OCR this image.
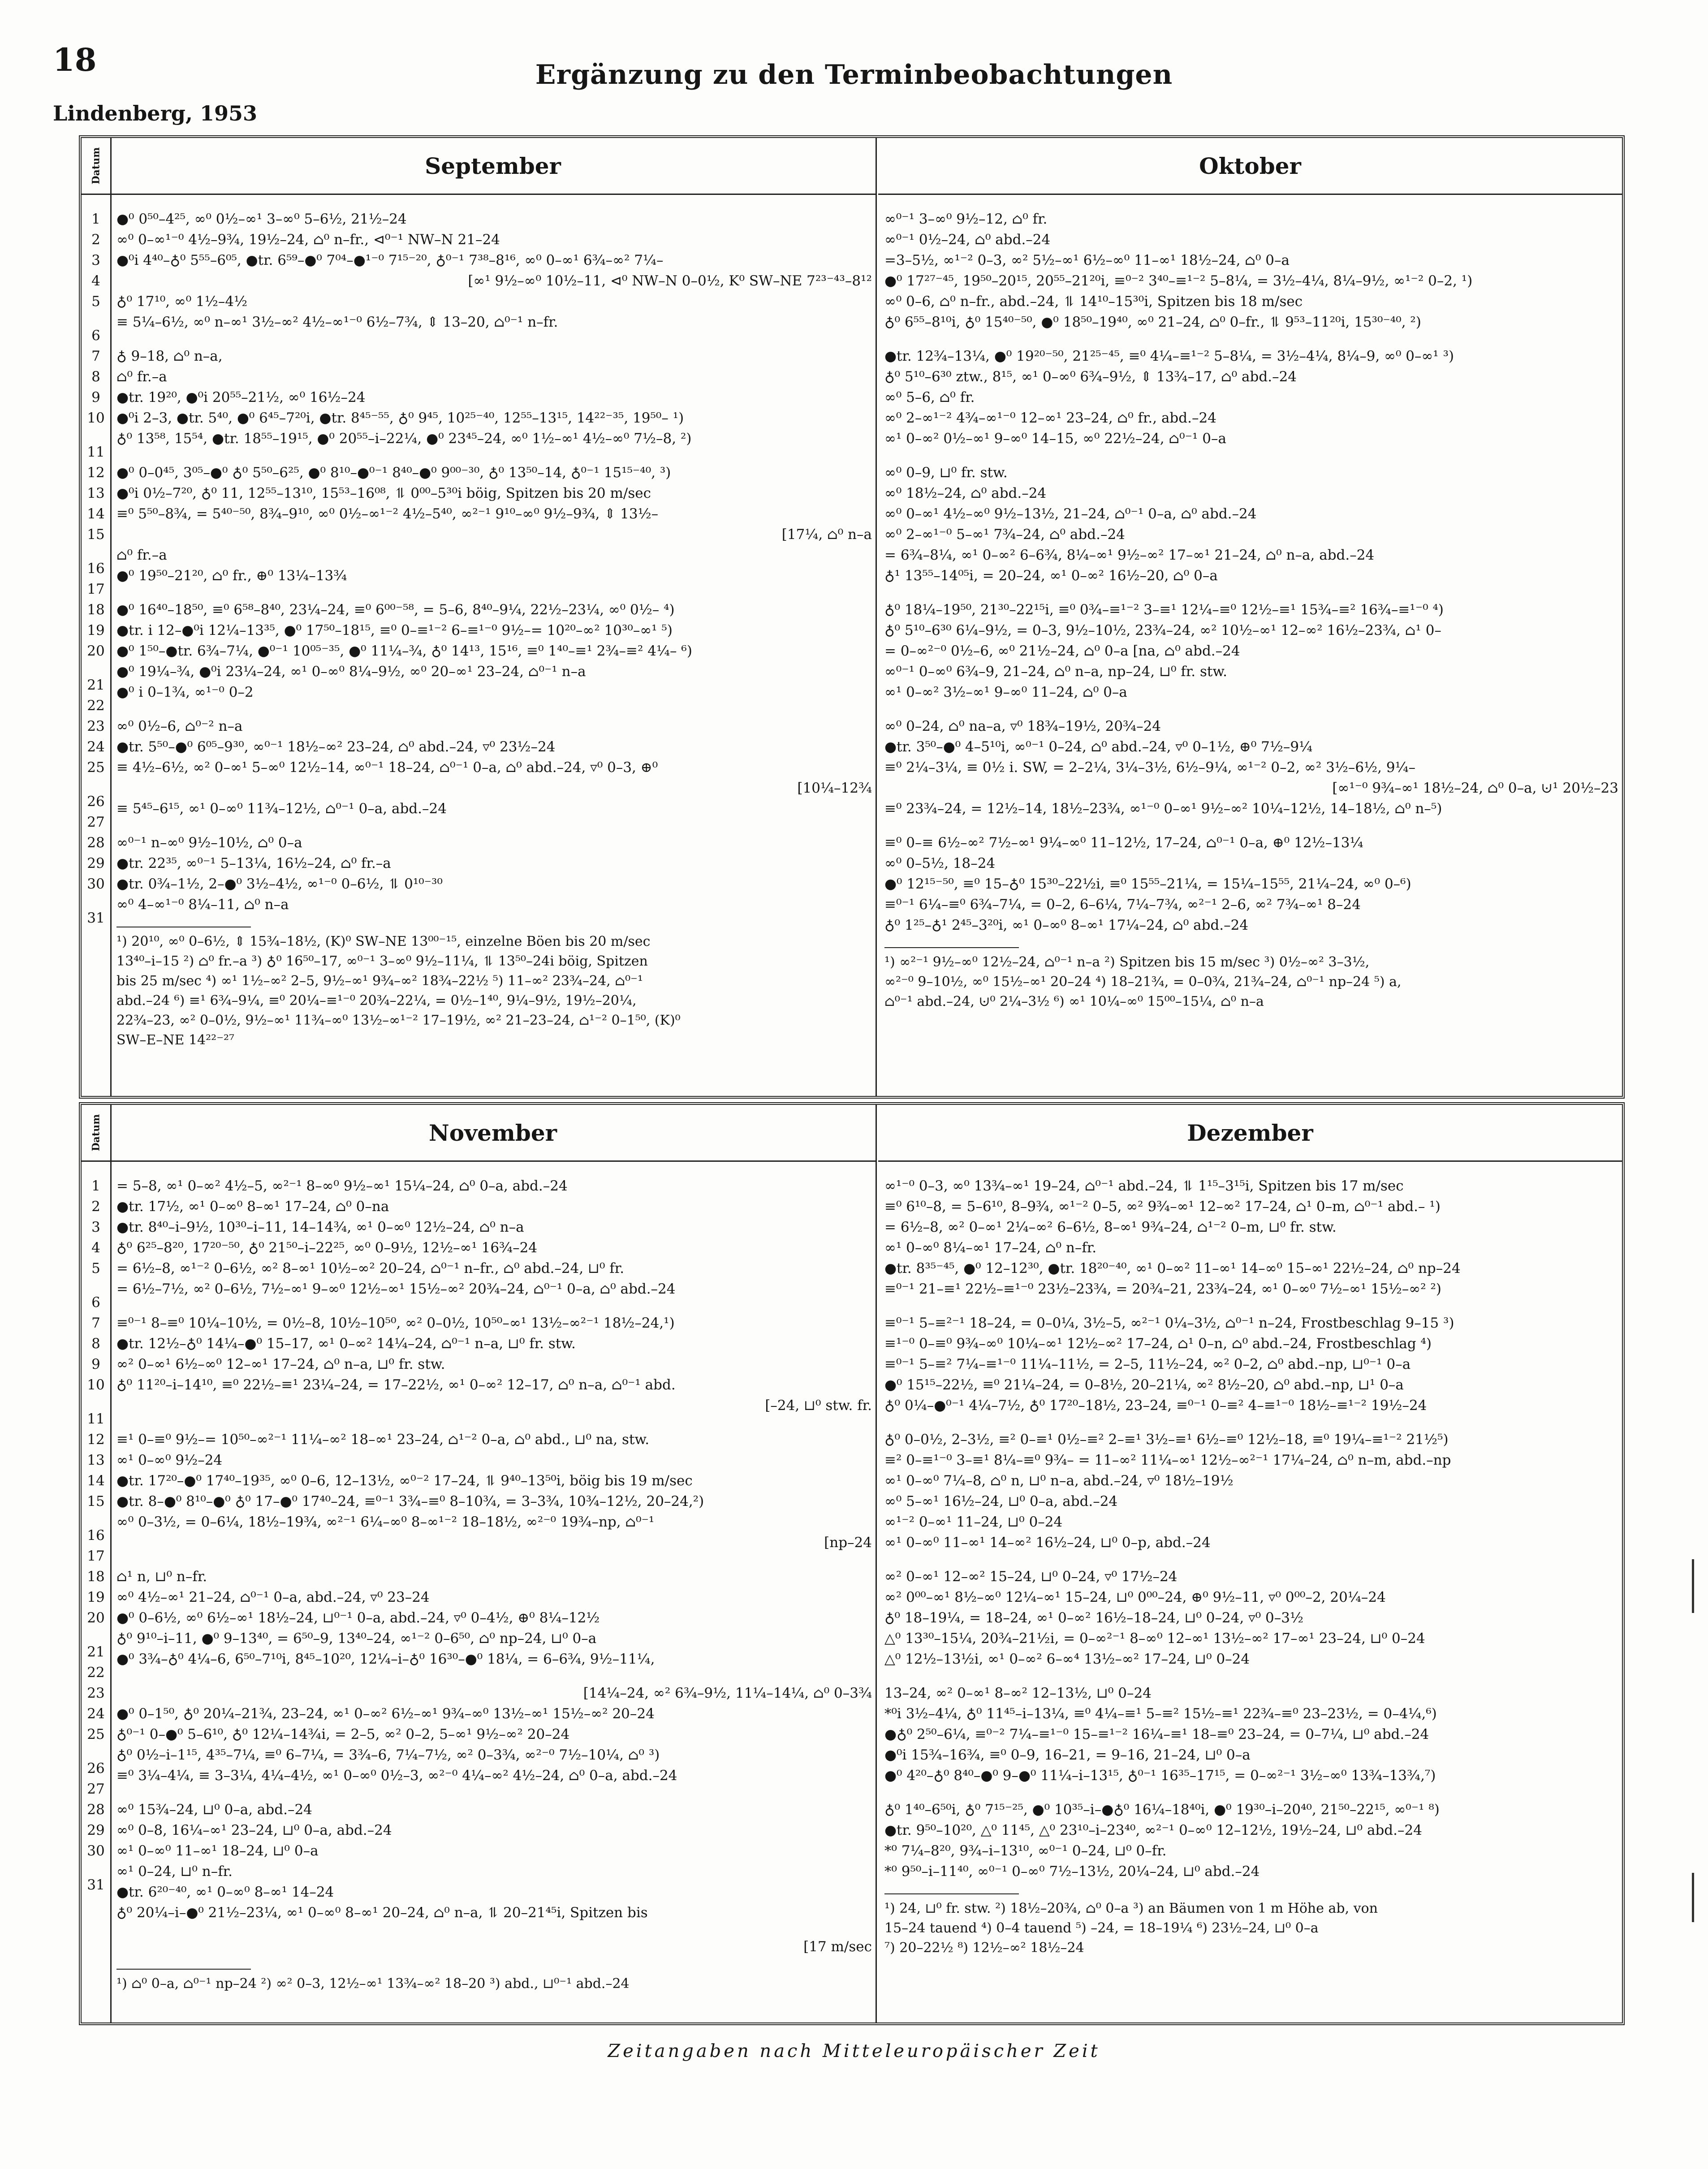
18	Ergänzung zu den Terminbeobachtungen
Lindenberg, 1953
Datum
1
2
3
4
5
6
7
8
9
10
11
12
13
14
15
16
17
18
19
20
21
22
23
24
25
26
27
28
29
30
31
September
●⁰ 0⁵⁰–4²⁵, ∞⁰ 0½–∞¹ 3–∞⁰ 5–6½, 21½–24
∞⁰ 0–∞¹⁻⁰ 4½–9¾, 19½–24, ⌂⁰ n–fr., ⊲⁰⁻¹ NW–N 21–24
●⁰i 4⁴⁰–♁⁰ 5⁵⁵–6⁰⁵, ●tr. 6⁵⁹–●⁰ 7⁰⁴–●¹⁻⁰ 7¹⁵⁻²⁰, ♁⁰⁻¹ 7³⁸–8¹⁶, ∞⁰ 0–∞¹ 6¾–∞² 7¼–
[∞¹ 9½–∞⁰ 10½–11, ⊲⁰ NW–N 0–0½, K⁰ SW–NE 7²³⁻⁴³–8¹²
♁⁰ 17¹⁰, ∞⁰ 1½–4½
≡ 5¼–6½, ∞⁰ n–∞¹ 3½–∞² 4½–∞¹⁻⁰ 6½–7¾, ⇕ 13–20, ⌂⁰⁻¹ n–fr.
♁ 9–18, ⌂⁰ n–a,
⌂⁰ fr.–a
●tr. 19²⁰, ●⁰i 20⁵⁵–21½, ∞⁰ 16½–24
●⁰i 2–3, ●tr. 5⁴⁰, ●⁰ 6⁴⁵–7²⁰i, ●tr. 8⁴⁵⁻⁵⁵, ♁⁰ 9⁴⁵, 10²⁵⁻⁴⁰, 12⁵⁵–13¹⁵, 14²²⁻³⁵, 19⁵⁰– ¹)
♁⁰ 13⁵⁸, 15⁵⁴, ●tr. 18⁵⁵–19¹⁵, ●⁰ 20⁵⁵–i–22¼, ●⁰ 23⁴⁵–24, ∞⁰ 1½–∞¹ 4½–∞⁰ 7½–8, ²)
●⁰ 0–0⁴⁵, 3⁰⁵–●⁰ ♁⁰ 5⁵⁰–6²⁵, ●⁰ 8¹⁰–●⁰⁻¹ 8⁴⁰–●⁰ 9⁰⁰⁻³⁰, ♁⁰ 13⁵⁰–14, ♁⁰⁻¹ 15¹⁵⁻⁴⁰, ³)
●⁰i 0½–7²⁰, ♁⁰ 11, 12⁵⁵–13¹⁰, 15⁵³–16⁰⁸, ⥮ 0⁰⁰–5³⁰i böig, Spitzen bis 20 m/sec
≡⁰ 5⁵⁰–8¾, = 5⁴⁰⁻⁵⁰, 8¾–9¹⁰, ∞⁰ 0½–∞¹⁻² 4½–5⁴⁰, ∞²⁻¹ 9¹⁰–∞⁰ 9½–9¾, ⇕ 13½–
[17¼, ⌂⁰ n–a
⌂⁰ fr.–a
●⁰ 19⁵⁰–21²⁰, ⌂⁰ fr., ⊕⁰ 13¼–13¾
●⁰ 16⁴⁰–18⁵⁰, ≡⁰ 6⁵⁸–8⁴⁰, 23¼–24, ≡⁰ 6⁰⁰⁻⁵⁸, = 5–6, 8⁴⁰–9¼, 22½–23¼, ∞⁰ 0½– ⁴)
●tr. i 12–●⁰i 12¼–13³⁵, ●⁰ 17⁵⁰–18¹⁵, ≡⁰ 0–≡¹⁻² 6–≡¹⁻⁰ 9½–= 10²⁰–∞² 10³⁰–∞¹ ⁵)
●⁰ 1⁵⁰–●tr. 6¾–7¼, ●⁰⁻¹ 10⁰⁵⁻³⁵, ●⁰ 11¼–¾, ♁⁰ 14¹³, 15¹⁶, ≡⁰ 1⁴⁰–≡¹ 2¾–≡² 4¼– ⁶)
●⁰ 19¼–¾, ●⁰i 23¼–24, ∞¹ 0–∞⁰ 8¼–9½, ∞⁰ 20–∞¹ 23–24, ⌂⁰⁻¹ n–a
●⁰ i 0–1¾, ∞¹⁻⁰ 0–2
∞⁰ 0½–6, ⌂⁰⁻² n–a
●tr. 5⁵⁰–●⁰ 6⁰⁵–9³⁰, ∞⁰⁻¹ 18½–∞² 23–24, ⌂⁰ abd.–24, ▿⁰ 23½–24
≡ 4½–6½, ∞² 0–∞¹ 5–∞⁰ 12½–14, ∞⁰⁻¹ 18–24, ⌂⁰⁻¹ 0–a, ⌂⁰ abd.–24, ▿⁰ 0–3, ⊕⁰
[10¼–12¾
≡ 5⁴⁵–6¹⁵, ∞¹ 0–∞⁰ 11¾–12½, ⌂⁰⁻¹ 0–a, abd.–24
∞⁰⁻¹ n–∞⁰ 9½–10½, ⌂⁰ 0–a
●tr. 22³⁵, ∞⁰⁻¹ 5–13¼, 16½–24, ⌂⁰ fr.–a
●tr. 0¾–1½, 2–●⁰ 3½–4½, ∞¹⁻⁰ 0–6½, ⥮ 0¹⁰⁻³⁰
∞⁰ 4–∞¹⁻⁰ 8¼–11, ⌂⁰ n–a
¹) 20¹⁰, ∞⁰ 0–6½, ⇕ 15¾–18½, (K)⁰ SW–NE 13⁰⁰⁻¹⁵, einzelne Böen bis 20 m/sec
13⁴⁰–i–15 ²) ⌂⁰ fr.–a ³) ♁⁰ 16⁵⁰–17, ∞⁰⁻¹ 3–∞⁰ 9½–11¼, ⥮ 13⁵⁰–24i böig, Spitzen
bis 25 m/sec ⁴) ∞¹ 1½–∞² 2–5, 9½–∞¹ 9¾–∞² 18¾–22½ ⁵) 11–∞² 23¾–24, ⌂⁰⁻¹
abd.–24 ⁶) ≡¹ 6¾–9¼, ≡⁰ 20¼–≡¹⁻⁰ 20¾–22¼, = 0½–1⁴⁰, 9¼–9½, 19½–20¼,
22¾–23, ∞² 0–0½, 9½–∞¹ 11¾–∞⁰ 13½–∞¹⁻² 17–19½, ∞² 21–23–24, ⌂¹⁻² 0–1⁵⁰, (K)⁰
SW–E–NE 14²²⁻²⁷
Oktober
∞⁰⁻¹ 3–∞⁰ 9½–12, ⌂⁰ fr.
∞⁰⁻¹ 0½–24, ⌂⁰ abd.–24
=3–5½, ∞¹⁻² 0–3, ∞² 5½–∞¹ 6½–∞⁰ 11–∞¹ 18½–24, ⌂⁰ 0–a
●⁰ 17²⁷⁻⁴⁵, 19⁵⁰–20¹⁵, 20⁵⁵–21²⁰i, ≡⁰⁻² 3⁴⁰–≡¹⁻² 5–8¼, = 3½–4¼, 8¼–9½, ∞¹⁻² 0–2, ¹)
∞⁰ 0–6, ⌂⁰ n–fr., abd.–24, ⥮ 14¹⁰–15³⁰i, Spitzen bis 18 m/sec
♁⁰ 6⁵⁵–8¹⁰i, ♁⁰ 15⁴⁰⁻⁵⁰, ●⁰ 18⁵⁰–19⁴⁰, ∞⁰ 21–24, ⌂⁰ 0–fr., ⥮ 9⁵³–11²⁰i, 15³⁰⁻⁴⁰, ²)
●tr. 12¾–13¼, ●⁰ 19²⁰⁻⁵⁰, 21²⁵⁻⁴⁵, ≡⁰ 4¼–≡¹⁻² 5–8¼, = 3½–4¼, 8¼–9, ∞⁰ 0–∞¹ ³)
♁⁰ 5¹⁰–6³⁰ ztw., 8¹⁵, ∞¹ 0–∞⁰ 6¾–9½, ⇕ 13¾–17, ⌂⁰ abd.–24
∞⁰ 5–6, ⌂⁰ fr.
∞⁰ 2–∞¹⁻² 4¾–∞¹⁻⁰ 12–∞¹ 23–24, ⌂⁰ fr., abd.–24
∞¹ 0–∞² 0½–∞¹ 9–∞⁰ 14–15, ∞⁰ 22½–24, ⌂⁰⁻¹ 0–a
∞⁰ 0–9, ⊔⁰ fr. stw.
∞⁰ 18½–24, ⌂⁰ abd.–24
∞⁰ 0–∞¹ 4½–∞⁰ 9½–13½, 21–24, ⌂⁰⁻¹ 0–a, ⌂⁰ abd.–24
∞⁰ 2–∞¹⁻⁰ 5–∞¹ 7¾–24, ⌂⁰ abd.–24
= 6¾–8¼, ∞¹ 0–∞² 6–6¾, 8¼–∞¹ 9½–∞² 17–∞¹ 21–24, ⌂⁰ n–a, abd.–24
♁¹ 13⁵⁵–14⁰⁵i, = 20–24, ∞¹ 0–∞² 16½–20, ⌂⁰ 0–a
♁⁰ 18¼–19⁵⁰, 21³⁰–22¹⁵i, ≡⁰ 0¾–≡¹⁻² 3–≡¹ 12¼–≡⁰ 12½–≡¹ 15¾–≡² 16¾–≡¹⁻⁰ ⁴)
♁⁰ 5¹⁰–6³⁰ 6¼–9½, = 0–3, 9½–10½, 23¾–24, ∞² 10½–∞¹ 12–∞² 16½–23¾, ⌂¹ 0–
= 0–∞²⁻⁰ 0½–6, ∞⁰ 21½–24, ⌂⁰ 0–a [na, ⌂⁰ abd.–24
∞⁰⁻¹ 0–∞⁰ 6¾–9, 21–24, ⌂⁰ n–a, np–24, ⊔⁰ fr. stw.
∞¹ 0–∞² 3½–∞¹ 9–∞⁰ 11–24, ⌂⁰ 0–a
∞⁰ 0–24, ⌂⁰ na–a, ▿⁰ 18¾–19½, 20¾–24
●tr. 3⁵⁰–●⁰ 4–5¹⁰i, ∞⁰⁻¹ 0–24, ⌂⁰ abd.–24, ▿⁰ 0–1½, ⊕⁰ 7½–9¼
≡⁰ 2¼–3¼, ≡ 0½ i. SW, = 2–2¼, 3¼–3½, 6½–9¼, ∞¹⁻² 0–2, ∞² 3½–6½, 9¼–
[∞¹⁻⁰ 9¾–∞¹ 18½–24, ⌂⁰ 0–a, ⊍¹ 20½–23
≡⁰ 23¾–24, = 12½–14, 18½–23¾, ∞¹⁻⁰ 0–∞¹ 9½–∞² 10¼–12½, 14–18½, ⌂⁰ n–⁵)
≡⁰ 0–≡ 6½–∞² 7½–∞¹ 9¼–∞⁰ 11–12½, 17–24, ⌂⁰⁻¹ 0–a, ⊕⁰ 12½–13¼
∞⁰ 0–5½, 18–24
●⁰ 12¹⁵⁻⁵⁰, ≡⁰ 15–♁⁰ 15³⁰–22½i, ≡⁰ 15⁵⁵–21¼, = 15¼–15⁵⁵, 21¼–24, ∞⁰ 0–⁶)
≡⁰⁻¹ 6¼–≡⁰ 6¾–7¼, = 0–2, 6–6¼, 7¼–7¾, ∞²⁻¹ 2–6, ∞² 7¾–∞¹ 8–24
♁⁰ 1²⁵–♁¹ 2⁴⁵–3²⁰i, ∞¹ 0–∞⁰ 8–∞¹ 17¼–24, ⌂⁰ abd.–24
¹) ∞²⁻¹ 9½–∞⁰ 12½–24, ⌂⁰⁻¹ n–a ²) Spitzen bis 15 m/sec ³) 0½–∞² 3–3½,
∞²⁻⁰ 9–10½, ∞⁰ 15½–∞¹ 20–24 ⁴) 18–21¾, = 0–0¾, 21¾–24, ⌂⁰⁻¹ np–24 ⁵) a,
⌂⁰⁻¹ abd.–24, ⊍⁰ 2¼–3½ ⁶) ∞¹ 10¼–∞⁰ 15⁰⁰–15¼, ⌂⁰ n–a
Datum
1
2
3
4
5
6
7
8
9
10
11
12
13
14
15
16
17
18
19
20
21
22
23
24
25
26
27
28
29
30
31
November
= 5–8, ∞¹ 0–∞² 4½–5, ∞²⁻¹ 8–∞⁰ 9½–∞¹ 15¼–24, ⌂⁰ 0–a, abd.–24
●tr. 17½, ∞¹ 0–∞⁰ 8–∞¹ 17–24, ⌂⁰ 0–na
●tr. 8⁴⁰–i–9½, 10³⁰–i–11, 14–14¾, ∞¹ 0–∞⁰ 12½–24, ⌂⁰ n–a
♁⁰ 6²⁵–8²⁰, 17²⁰⁻⁵⁰, ♁⁰ 21⁵⁰–i–22²⁵, ∞⁰ 0–9½, 12½–∞¹ 16¾–24
= 6½–8, ∞¹⁻² 0–6½, ∞² 8–∞¹ 10½–∞² 20–24, ⌂⁰⁻¹ n–fr., ⌂⁰ abd.–24, ⊔⁰ fr.
= 6½–7½, ∞² 0–6½, 7½–∞¹ 9–∞⁰ 12½–∞¹ 15½–∞² 20¾–24, ⌂⁰⁻¹ 0–a, ⌂⁰ abd.–24
≡⁰⁻¹ 8–≡⁰ 10¼–10½, = 0½–8, 10½–10⁵⁰, ∞² 0–0½, 10⁵⁰–∞¹ 13½–∞²⁻¹ 18½–24,¹)
●tr. 12½–♁⁰ 14¼–●⁰ 15–17, ∞¹ 0–∞² 14¼–24, ⌂⁰⁻¹ n–a, ⊔⁰ fr. stw.
∞² 0–∞¹ 6½–∞⁰ 12–∞¹ 17–24, ⌂⁰ n–a, ⊔⁰ fr. stw.
♁⁰ 11²⁰–i–14¹⁰, ≡⁰ 22½–≡¹ 23¼–24, = 17–22½, ∞¹ 0–∞² 12–17, ⌂⁰ n–a, ⌂⁰⁻¹ abd.
[–24, ⊔⁰ stw. fr.
≡¹ 0–≡⁰ 9½–= 10⁵⁰–∞²⁻¹ 11¼–∞² 18–∞¹ 23–24, ⌂¹⁻² 0–a, ⌂⁰ abd., ⊔⁰ na, stw.
∞¹ 0–∞⁰ 9½–24
●tr. 17²⁰–●⁰ 17⁴⁰–19³⁵, ∞⁰ 0–6, 12–13½, ∞⁰⁻² 17–24, ⥮ 9⁴⁰–13⁵⁰i, böig bis 19 m/sec
●tr. 8–●⁰ 8¹⁰–●⁰ ♁⁰ 17–●⁰ 17⁴⁰–24, ≡⁰⁻¹ 3¾–≡⁰ 8–10¾, = 3–3¾, 10¾–12½, 20–24,²)
∞⁰ 0–3½, = 0–6¼, 18½–19¾, ∞²⁻¹ 6¼–∞⁰ 8–∞¹⁻² 18–18½, ∞²⁻⁰ 19¾–np, ⌂⁰⁻¹
[np–24
⌂¹ n, ⊔⁰ n–fr.
∞⁰ 4½–∞¹ 21–24, ⌂⁰⁻¹ 0–a, abd.–24, ▿⁰ 23–24
●⁰ 0–6½, ∞⁰ 6½–∞¹ 18½–24, ⊔⁰⁻¹ 0–a, abd.–24, ▿⁰ 0–4½, ⊕⁰ 8¼–12½
♁⁰ 9¹⁰–i–11, ●⁰ 9–13⁴⁰, = 6⁵⁰–9, 13⁴⁰–24, ∞¹⁻² 0–6⁵⁰, ⌂⁰ np–24, ⊔⁰ 0–a
●⁰ 3¾–♁⁰ 4¼–6, 6⁵⁰–7¹⁰i, 8⁴⁵–10²⁰, 12¼–i–♁⁰ 16³⁰–●⁰ 18¼, = 6–6¾, 9½–11¼,
[14¼–24, ∞² 6¾–9½, 11¼–14¼, ⌂⁰ 0–3¾
●⁰ 0–1⁵⁰, ♁⁰ 20¼–21¾, 23–24, ∞¹ 0–∞² 6½–∞¹ 9¾–∞⁰ 13½–∞¹ 15½–∞² 20–24
♁⁰⁻¹ 0–●⁰ 5–6¹⁰, ♁⁰ 12¼–14¾i, = 2–5, ∞² 0–2, 5–∞¹ 9½–∞² 20–24
♁⁰ 0½–i–1¹⁵, 4³⁵–7¼, ≡⁰ 6–7¼, = 3¾–6, 7¼–7½, ∞² 0–3¾, ∞²⁻⁰ 7½–10¼, ⌂⁰ ³)
≡⁰ 3¼–4¼, ≡ 3–3¼, 4¼–4½, ∞¹ 0–∞⁰ 0½–3, ∞²⁻⁰ 4¼–∞² 4½–24, ⌂⁰ 0–a, abd.–24
∞⁰ 15¾–24, ⊔⁰ 0–a, abd.–24
∞⁰ 0–8, 16¼–∞¹ 23–24, ⊔⁰ 0–a, abd.–24
∞¹ 0–∞⁰ 11–∞¹ 18–24, ⊔⁰ 0–a
∞¹ 0–24, ⊔⁰ n–fr.
●tr. 6²⁰⁻⁴⁰, ∞¹ 0–∞⁰ 8–∞¹ 14–24
♁⁰ 20¼–i–●⁰ 21½–23¼, ∞¹ 0–∞⁰ 8–∞¹ 20–24, ⌂⁰ n–a, ⥮ 20–21⁴⁵i, Spitzen bis
[17 m/sec
¹) ⌂⁰ 0–a, ⌂⁰⁻¹ np–24 ²) ∞² 0–3, 12½–∞¹ 13¾–∞² 18–20 ³) abd., ⊔⁰⁻¹ abd.–24
Dezember
∞¹⁻⁰ 0–3, ∞⁰ 13¾–∞¹ 19–24, ⌂⁰⁻¹ abd.–24, ⥮ 1¹⁵–3¹⁵i, Spitzen bis 17 m/sec
≡⁰ 6¹⁰–8, = 5–6¹⁰, 8–9¾, ∞¹⁻² 0–5, ∞² 9¾–∞¹ 12–∞² 17–24, ⌂¹ 0–m, ⌂⁰⁻¹ abd.– ¹)
= 6½–8, ∞² 0–∞¹ 2¼–∞² 6–6½, 8–∞¹ 9¾–24, ⌂¹⁻² 0–m, ⊔⁰ fr. stw.
∞¹ 0–∞⁰ 8¼–∞¹ 17–24, ⌂⁰ n–fr.
●tr. 8³⁵⁻⁴⁵, ●⁰ 12–12³⁰, ●tr. 18²⁰⁻⁴⁰, ∞¹ 0–∞² 11–∞¹ 14–∞⁰ 15–∞¹ 22½–24, ⌂⁰ np–24
≡⁰⁻¹ 21–≡¹ 22½–≡¹⁻⁰ 23½–23¾, = 20¾–21, 23¾–24, ∞¹ 0–∞⁰ 7½–∞¹ 15½–∞² ²)
≡⁰⁻¹ 5–≡²⁻¹ 18–24, = 0–0¼, 3½–5, ∞²⁻¹ 0¼–3½, ⌂⁰⁻¹ n–24, Frostbeschlag 9–15 ³)
≡¹⁻⁰ 0–≡⁰ 9¾–∞⁰ 10¼–∞¹ 12½–∞² 17–24, ⌂¹ 0–n, ⌂⁰ abd.–24, Frostbeschlag ⁴)
≡⁰⁻¹ 5–≡² 7¼–≡¹⁻⁰ 11¼–11½, = 2–5, 11½–24, ∞² 0–2, ⌂⁰ abd.–np, ⊔⁰⁻¹ 0–a
●⁰ 15¹⁵–22½, ≡⁰ 21¼–24, = 0–8½, 20–21¼, ∞² 8½–20, ⌂⁰ abd.–np, ⊔¹ 0–a
♁⁰ 0¼–●⁰⁻¹ 4¼–7½, ♁⁰ 17²⁰–18½, 23–24, ≡⁰⁻¹ 0–≡² 4–≡¹⁻⁰ 18½–≡¹⁻² 19½–24
♁⁰ 0–0½, 2–3½, ≡² 0–≡¹ 0½–≡² 2–≡¹ 3½–≡¹ 6½–≡⁰ 12½–18, ≡⁰ 19¼–≡¹⁻² 21½⁵)
≡² 0–≡¹⁻⁰ 3–≡¹ 8¼–≡⁰ 9¾– = 11–∞² 11¼–∞¹ 12½–∞²⁻¹ 17¼–24, ⌂⁰ n–m, abd.–np
∞¹ 0–∞⁰ 7¼–8, ⌂⁰ n, ⊔⁰ n–a, abd.–24, ▿⁰ 18½–19½
∞⁰ 5–∞¹ 16½–24, ⊔⁰ 0–a, abd.–24
∞¹⁻² 0–∞¹ 11–24, ⊔⁰ 0–24
∞¹ 0–∞⁰ 11–∞¹ 14–∞² 16½–24, ⊔⁰ 0–p, abd.–24
∞² 0–∞¹ 12–∞² 15–24, ⊔⁰ 0–24, ▿⁰ 17½–24
∞² 0⁰⁰–∞¹ 8½–∞⁰ 12¼–∞¹ 15–24, ⊔⁰ 0⁰⁰–24, ⊕⁰ 9½–11, ▿⁰ 0⁰⁰–2, 20¼–24
♁⁰ 18–19¼, = 18–24, ∞¹ 0–∞² 16½–18–24, ⊔⁰ 0–24, ▿⁰ 0–3½
△⁰ 13³⁰–15¼, 20¾–21½i, = 0–∞²⁻¹ 8–∞⁰ 12–∞¹ 13½–∞² 17–∞¹ 23–24, ⊔⁰ 0–24
△⁰ 12½–13½i, ∞¹ 0–∞² 6–∞⁴ 13½–∞² 17–24, ⊔⁰ 0–24
13–24, ∞² 0–∞¹ 8–∞² 12–13½, ⊔⁰ 0–24
*⁰i 3½–4¼, ♁⁰ 11⁴⁵–i–13¼, ≡⁰ 4¼–≡¹ 5–≡² 15½–≡¹ 22¾–≡⁰ 23–23½, = 0–4¼,⁶)
●♁⁰ 2⁵⁰–6¼, ≡⁰⁻² 7¼–≡¹⁻⁰ 15–≡¹⁻² 16¼–≡¹ 18–≡⁰ 23–24, = 0–7¼, ⊔⁰ abd.–24
●⁰i 15¾–16¾, ≡⁰ 0–9, 16–21, = 9–16, 21–24, ⊔⁰ 0–a
●⁰ 4²⁰–♁⁰ 8⁴⁰–●⁰ 9–●⁰ 11¼–i–13¹⁵, ♁⁰⁻¹ 16³⁵–17¹⁵, = 0–∞²⁻¹ 3½–∞⁰ 13¾–13¾,⁷)
♁⁰ 1⁴⁰–6⁵⁰i, ♁⁰ 7¹⁵⁻²⁵, ●⁰ 10³⁵–i–●♁⁰ 16¼–18⁴⁰i, ●⁰ 19³⁰–i–20⁴⁰, 21⁵⁰–22¹⁵, ∞⁰⁻¹ ⁸)
●tr. 9⁵⁰–10²⁰, △⁰ 11⁴⁵, △⁰ 23¹⁰–i–23⁴⁰, ∞²⁻¹ 0–∞⁰ 12–12½, 19½–24, ⊔⁰ abd.–24
*⁰ 7¼–8²⁰, 9¾–i–13¹⁰, ∞⁰⁻¹ 0–24, ⊔⁰ 0–fr.
*⁰ 9⁵⁰–i–11⁴⁰, ∞⁰⁻¹ 0–∞⁰ 7½–13½, 20¼–24, ⊔⁰ abd.–24
¹) 24, ⊔⁰ fr. stw. ²) 18½–20¾, ⌂⁰ 0–a ³) an Bäumen von 1 m Höhe ab, von
15–24 tauend ⁴) 0–4 tauend ⁵) –24, = 18–19¼ ⁶) 23½–24, ⊔⁰ 0–a
⁷) 20–22½ ⁸) 12½–∞² 18½–24
Zeitangaben nach Mitteleuropäischer Zeit
